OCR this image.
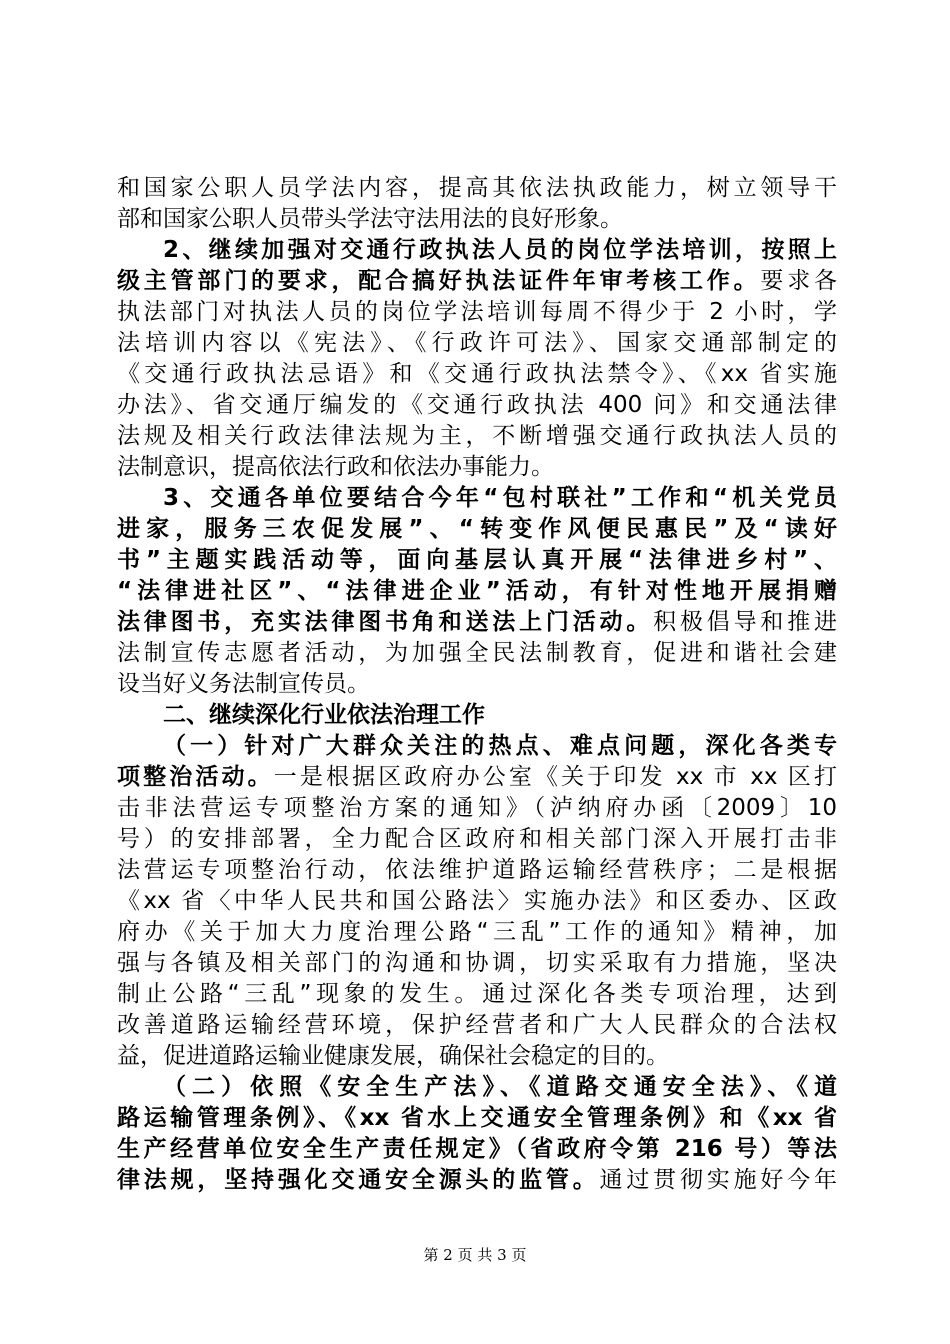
和国家公职人员学法内容，提高其依法执政能力，树立领导干
部和国家公职人员带头学法守法用法的良好形象。
2、继续加强对交通行政执法人员的岗位学法培训，按照上
级主管部门的要求，配合搞好执法证件年审考核工作。要求各
执法部门对执法人员的岗位学法培训每周不得少于 2 小时，学
法培训内容以《宪法》、《行政许可法》、国家交通部制定的
《交通行政执法忌语》和《交通行政执法禁令》、《xx 省实施
办法》、省交通厅编发的《交通行政执法 400 问》和交通法律
法规及相关行政法律法规为主，不断增强交通行政执法人员的
法制意识，提高依法行政和依法办事能力。
3、交通各单位要结合今年“包村联社”工作和“机关党员
进家，服务三农促发展”、“转变作风便民惠民”及“读好
书”主题实践活动等，面向基层认真开展“法律进乡村”、
“法律进社区”、“法律进企业”活动，有针对性地开展捐赠
法律图书，充实法律图书角和送法上门活动。积极倡导和推进
法制宣传志愿者活动，为加强全民法制教育，促进和谐社会建
设当好义务法制宣传员。
二、继续深化行业依法治理工作
（一）针对广大群众关注的热点、难点问题，深化各类专
项整治活动。一是根据区政府办公室《关于印发 xx 市 xx 区打
击非法营运专项整治方案的通知》（泸纳府办函〔2009〕10
号）的安排部署，全力配合区政府和相关部门深入开展打击非
法营运专项整治行动，依法维护道路运输经营秩序；二是根据
《xx 省〈中华人民共和国公路法〉实施办法》和区委办、区政
府办《关于加大力度治理公路“三乱”工作的通知》精神，加
强与各镇及相关部门的沟通和协调，切实采取有力措施，坚决
制止公路“三乱”现象的发生。通过深化各类专项治理，达到
改善道路运输经营环境，保护经营者和广大人民群众的合法权
益，促进道路运输业健康发展，确保社会稳定的目的。
（二）依照《安全生产法》、《道路交通安全法》、《道
路运输管理条例》、《xx 省水上交通安全管理条例》和《xx 省
生产经营单位安全生产责任规定》（省政府令第 216 号）等法
律法规，坚持强化交通安全源头的监管。通过贯彻实施好今年
第 2 页 共 3 页
